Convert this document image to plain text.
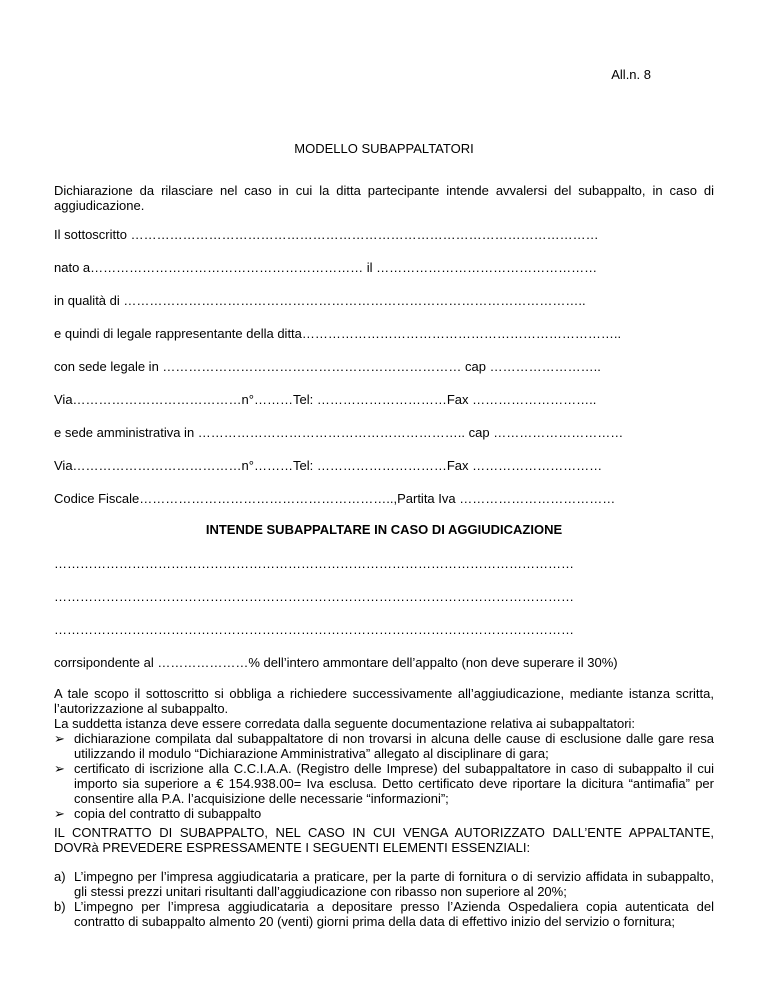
All.n. 8
MODELLO SUBAPPALTATORI
Dichiarazione da rilasciare nel caso in cui la ditta partecipante intende avvalersi del subappalto, in caso di aggiudicazione.
Il sottoscritto ………………………………………………………………………………………………
nato a……………………………………………………… il ……………………………………………
in qualità di ……………………………………………………………………………………………..
e quindi di legale rappresentante della ditta………………………………………………………………..
con sede legale in …………………………………………………………… cap ……………………..
Via…………………………………n°………Tel: …………………………Fax ………………………..
e sede amministrativa in …………………………………………………….. cap …………………………
Via…………………………………n°………Tel: …………………………Fax …………………………
Codice Fiscale…………………………………………………..,Partita Iva ………………………………
INTENDE SUBAPPALTARE IN CASO DI AGGIUDICAZIONE
…………………………………………………………………………………………………………
…………………………………………………………………………………………………………
…………………………………………………………………………………………………………
corrsipondente al …………………% dell’intero ammontare dell’appalto (non deve superare il 30%)
A tale scopo il sottoscritto si obbliga a richiedere successivamente all’aggiudicazione, mediante istanza scritta, l’autorizzazione al subappalto.
La suddetta istanza deve essere corredata dalla seguente documentazione relativa ai subappaltatori:
➢ dichiarazione compilata dal subappaltatore di non trovarsi in alcuna delle cause di esclusione dalle gare resa utilizzando il modulo “Dichiarazione Amministrativa” allegato al disciplinare di gara;
➢ certificato di iscrizione alla C.C.I.A.A. (Registro delle Imprese) del subappaltatore in caso di subappalto il cui importo sia superiore a € 154.938.00= Iva esclusa. Detto certificato deve riportare la dicitura “antimafia” per consentire alla P.A. l’acquisizione delle necessarie “informazioni”;
➢ copia del contratto di subappalto
IL CONTRATTO DI SUBAPPALTO, NEL CASO IN CUI VENGA AUTORIZZATO DALL’ENTE APPALTANTE, DOVRà PREVEDERE ESPRESSAMENTE I SEGUENTI ELEMENTI ESSENZIALI:
a) L’impegno per l’impresa aggiudicataria a praticare, per la parte di fornitura o di servizio affidata in subappalto, gli stessi prezzi unitari risultanti dall’aggiudicazione con ribasso non superiore al 20%;
b) L’impegno per l’impresa aggiudicataria a depositare presso l’Azienda Ospedaliera copia autenticata del contratto di subappalto almento 20 (venti) giorni prima della data di effettivo inizio del servizio o fornitura;
